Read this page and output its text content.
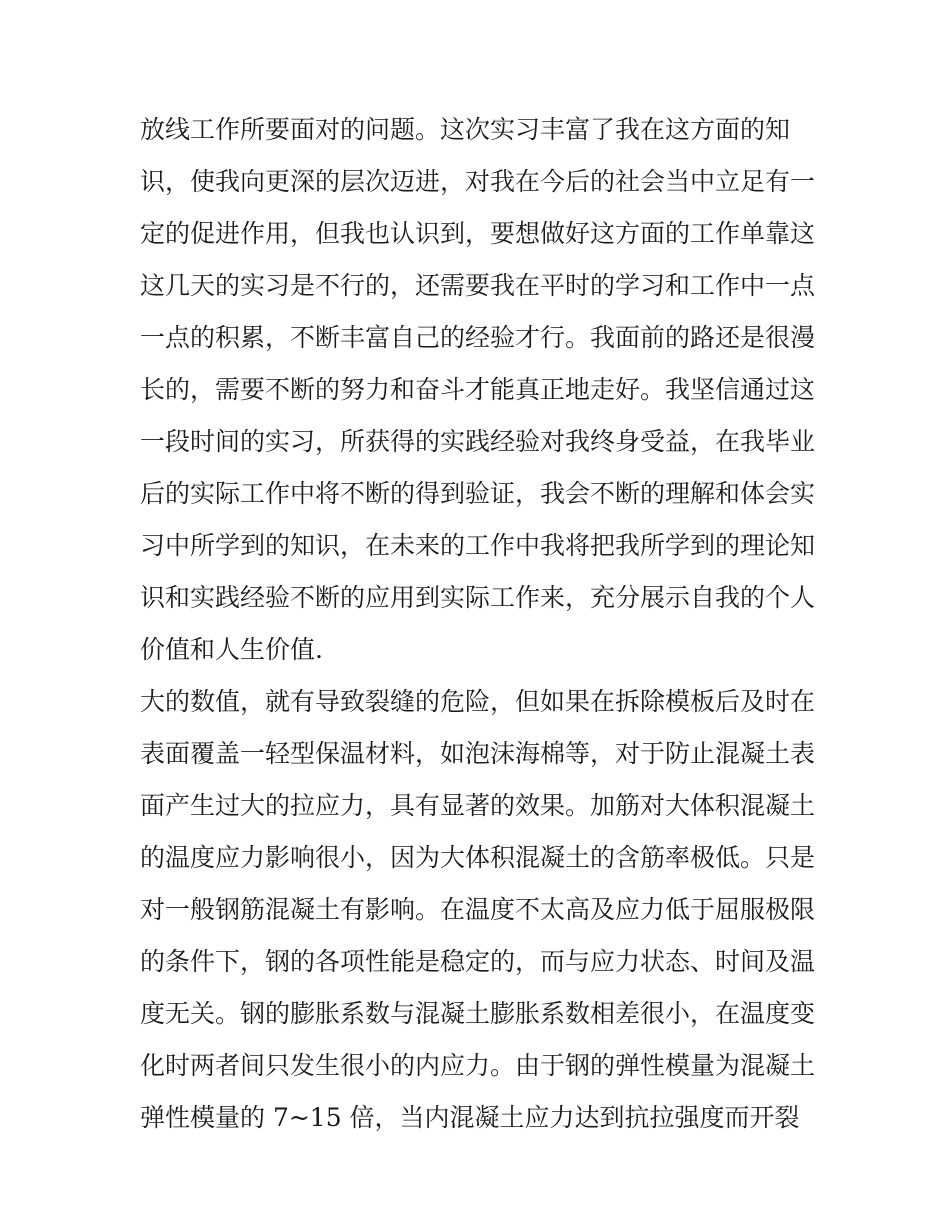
放线工作所要面对的问题。这次实习丰富了我在这方面的知
识，使我向更深的层次迈进，对我在今后的社会当中立足有一
定的促进作用，但我也认识到，要想做好这方面的工作单靠这
这几天的实习是不行的，还需要我在平时的学习和工作中一点
一点的积累，不断丰富自己的经验才行。我面前的路还是很漫
长的，需要不断的努力和奋斗才能真正地走好。我坚信通过这
一段时间的实习，所获得的实践经验对我终身受益，在我毕业
后的实际工作中将不断的得到验证，我会不断的理解和体会实
习中所学到的知识，在未来的工作中我将把我所学到的理论知
识和实践经验不断的应用到实际工作来，充分展示自我的个人
价值和人生价值.
大的数值，就有导致裂缝的危险，但如果在拆除模板后及时在
表面覆盖一轻型保温材料，如泡沫海棉等，对于防止混凝土表
面产生过大的拉应力，具有显著的效果。加筋对大体积混凝土
的温度应力影响很小，因为大体积混凝土的含筋率极低。只是
对一般钢筋混凝土有影响。在温度不太高及应力低于屈服极限
的条件下，钢的各项性能是稳定的，而与应力状态、时间及温
度无关。钢的膨胀系数与混凝土膨胀系数相差很小，在温度变
化时两者间只发生很小的内应力。由于钢的弹性模量为混凝土
弹性模量的 7~15 倍，当内混凝土应力达到抗拉强度而开裂
